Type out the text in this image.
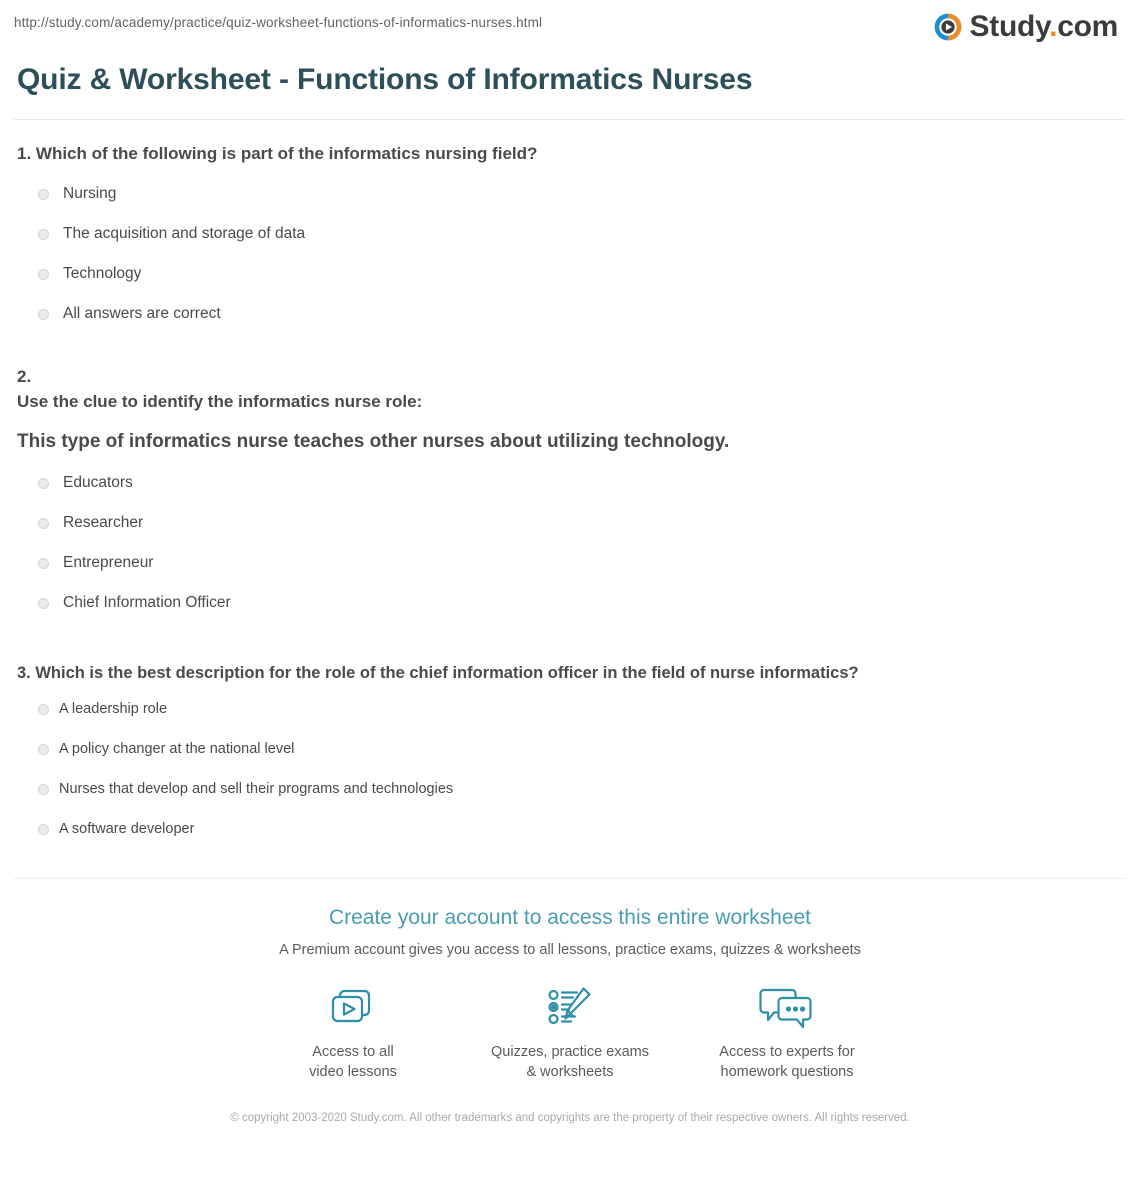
http://study.com/academy/practice/quiz-worksheet-functions-of-informatics-nurses.html	Study.com
Quiz & Worksheet - Functions of Informatics Nurses

1. Which of the following is part of the informatics nursing field?

Nursing
The acquisition and storage of data
Technology
All answers are correct
2.
Use the clue to identify the informatics nurse role:
This type of informatics nurse teaches other nurses about utilizing technology.
Educators
Researcher
Entrepreneur
Chief Information Officer

3. Which is the best description for the role of the chief information officer in the field of nurse informatics?

A leadership role
A policy changer at the national level
Nurses that develop and sell their programs and technologies
A software developer
Create your account to access this entire worksheet
A Premium account gives you access to all lessons, practice exams, quizzes & worksheets
Access to all
video lessons
Quizzes, practice exams
& worksheets
Access to experts for
homework questions
© copyright 2003-2020 Study.com. All other trademarks and copyrights are the property of their respective owners. All rights reserved.
